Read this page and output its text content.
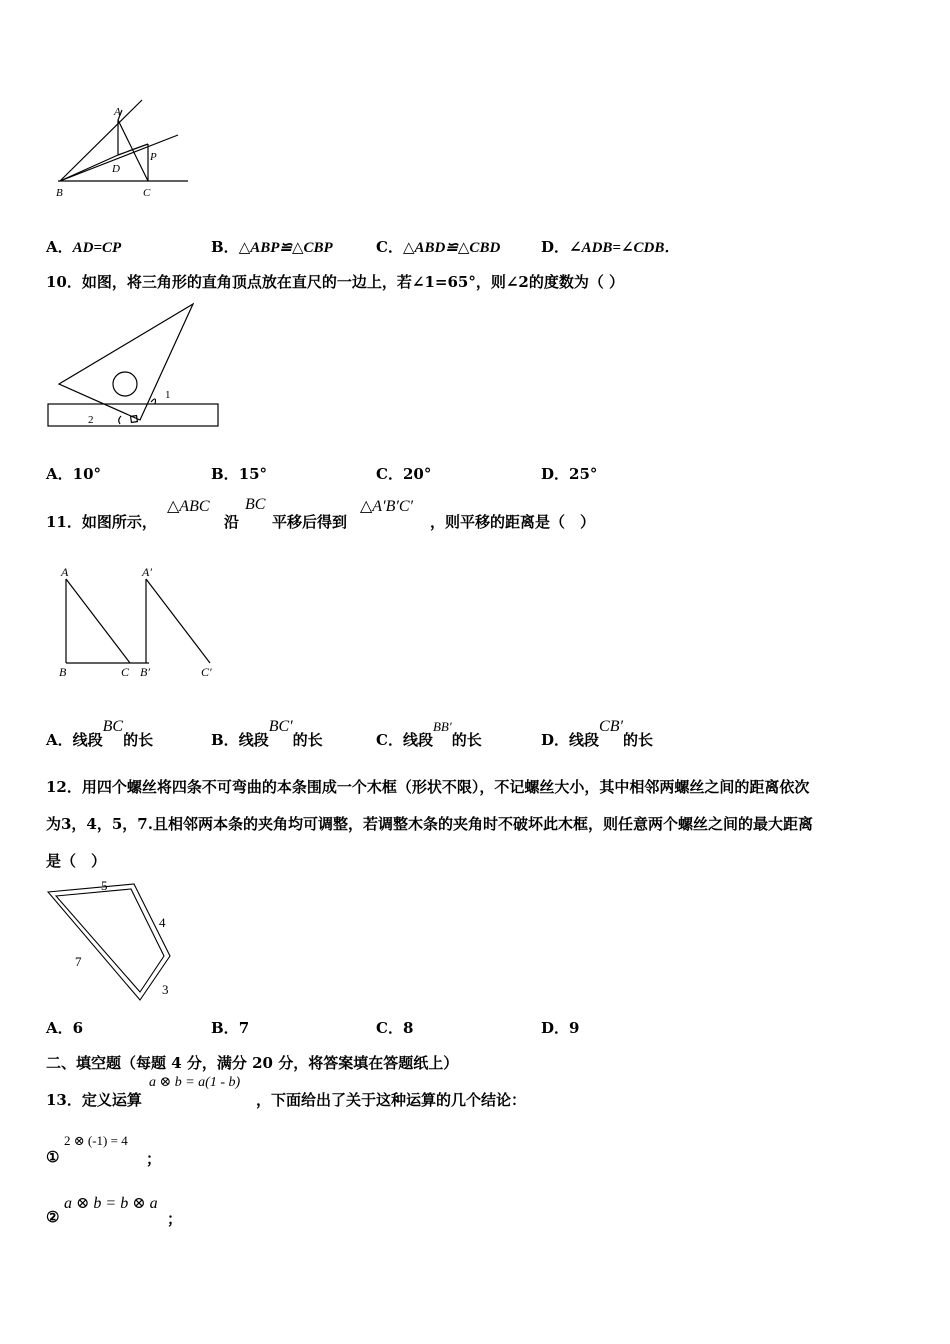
A
P
D
B	C
A．AD=CP	B．△ABP≌△CBP	C．△ABD≌△CBD	D．∠ADB=∠CDB．
10．如图，将三角形的直角顶点放在直尺的一边上，若∠1=65°，则∠2的度数为（ ）
1
2
A．10°	B．15°	C．20°	D．25°
11．如图所示，
△ABC
沿
BC
平移后得到
△A′B′C′
，则平移的距离是（　）
A
B	C
A′
B′	C′
A．线段BC的长	B．线段BC′的长	C．线段BB′的长	D．线段CB′的长
12．用四个螺丝将四条不可弯曲的本条围成一个木框（形状不限），不记螺丝大小，其中相邻两螺丝之间的距离依次
为3，4，5，7.且相邻两本条的夹角均可调整，若调整木条的夹角时不破坏此木框，则任意两个螺丝之间的最大距离
是（　）
5
4
7
3
A．6	B．7	C．8	D．9
二、填空题（每题 4 分，满分 20 分，将答案填在答题纸上）
13．定义运算
a ⊗ b = a(1 - b)
，下面给出了关于这种运算的几个结论：
①
2 ⊗ (-1) = 4
；
②
a ⊗ b = b ⊗ a
；
